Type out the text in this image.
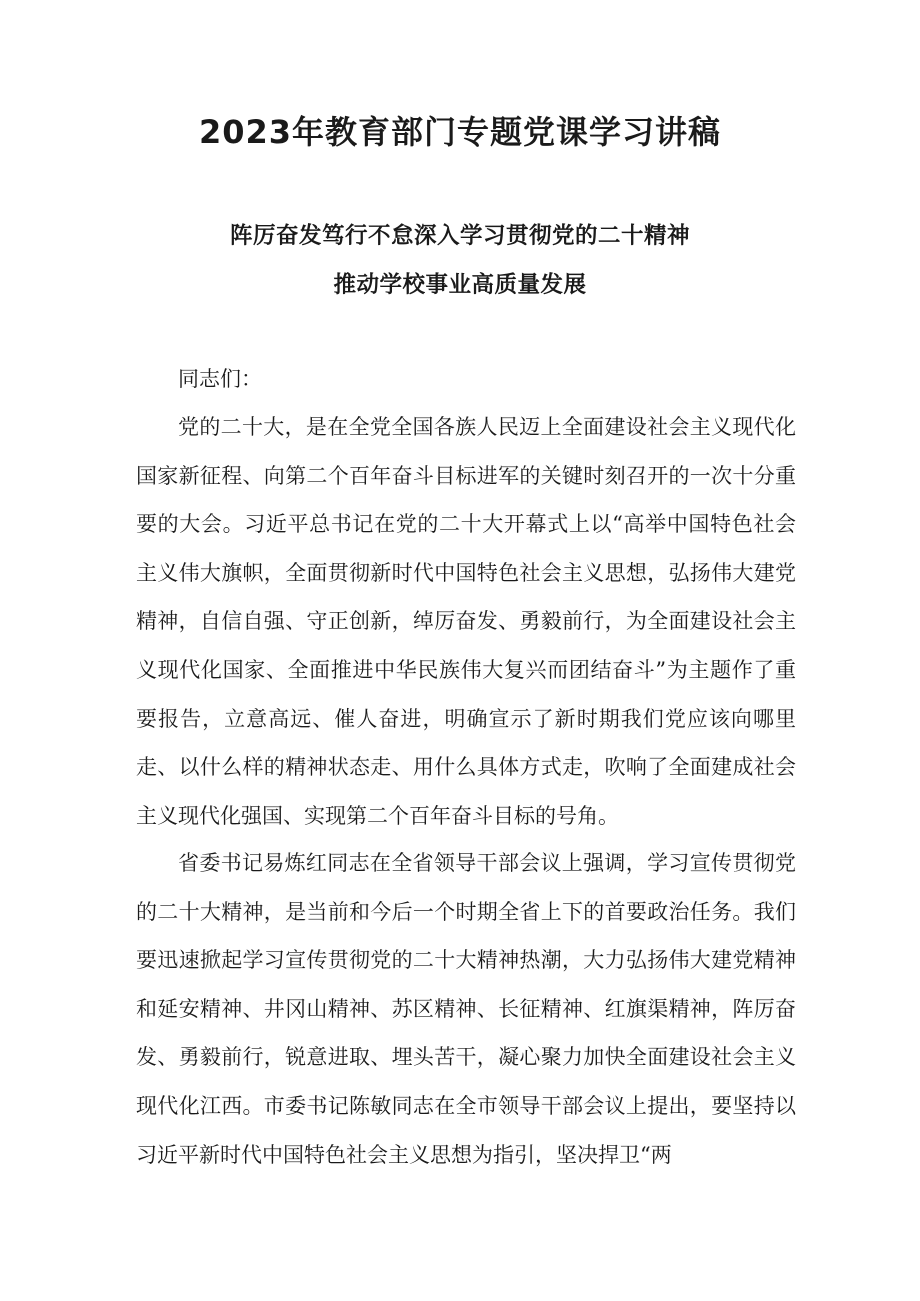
2023年教育部门专题党课学习讲稿
阵厉奋发笃行不怠深入学习贯彻党的二十精神
推动学校事业高质量发展

同志们：

党的二十大，是在全党全国各族人民迈上全面建设社会主义现代化国家新征程、向第二个百年奋斗目标进军的关键时刻召开的一次十分重要的大会。习近平总书记在党的二十大开幕式上以“高举中国特色社会主义伟大旗帜，全面贯彻新时代中国特色社会主义思想，弘扬伟大建党精神，自信自强、守正创新，绰厉奋发、勇毅前行，为全面建设社会主义现代化国家、全面推进中华民族伟大复兴而团结奋斗”为主题作了重要报告，立意高远、催人奋进，明确宣示了新时期我们党应该向哪里走、以什么样的精神状态走、用什么具体方式走，吹响了全面建成社会主义现代化强国、实现第二个百年奋斗目标的号角。

省委书记易炼红同志在全省领导干部会议上强调，学习宣传贯彻党的二十大精神，是当前和今后一个时期全省上下的首要政治任务。我们要迅速掀起学习宣传贯彻党的二十大精神热潮，大力弘扬伟大建党精神和延安精神、井冈山精神、苏区精神、长征精神、红旗渠精神，阵厉奋发、勇毅前行，锐意进取、埋头苦干，凝心聚力加快全面建设社会主义现代化江西。市委书记陈敏同志在全市领导干部会议上提出，要坚持以习近平新时代中国特色社会主义思想为指引，坚决捍卫“两
